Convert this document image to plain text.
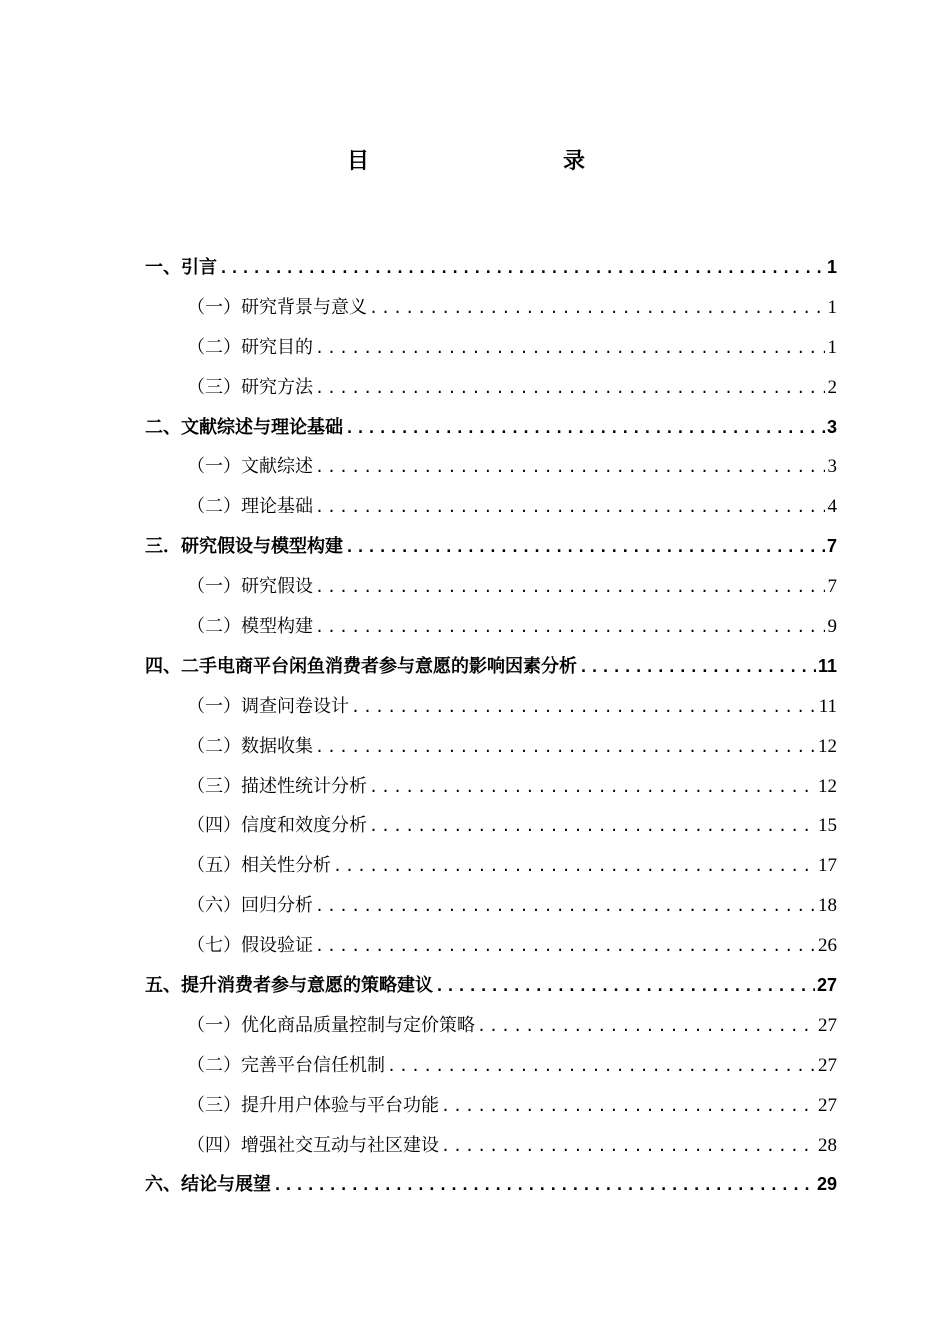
目　　录
一、引言 .....	1
（一）研究背景与意义 .....	1
（二）研究目的 .....	1
（三）研究方法 .....	2
二、文献综述与理论基础 .....	3
（一）文献综述 .....	3
（二）理论基础 .....	4
三．研究假设与模型构建 .....	7
（一）研究假设 .....	7
（二）模型构建 .....	9
四、二手电商平台闲鱼消费者参与意愿的影响因素分析 .....	11
（一）调查问卷设计 .....	11
（二）数据收集 .....	12
（三）描述性统计分析 .....	12
（四）信度和效度分析 .....	15
（五）相关性分析 .....	17
（六）回归分析 .....	18
（七）假设验证 .....	26
五、提升消费者参与意愿的策略建议 .....	27
（一）优化商品质量控制与定价策略 .....	27
（二）完善平台信任机制 .....	27
（三）提升用户体验与平台功能 .....	27
（四）增强社交互动与社区建设 .....	28
六、结论与展望 .....	29
